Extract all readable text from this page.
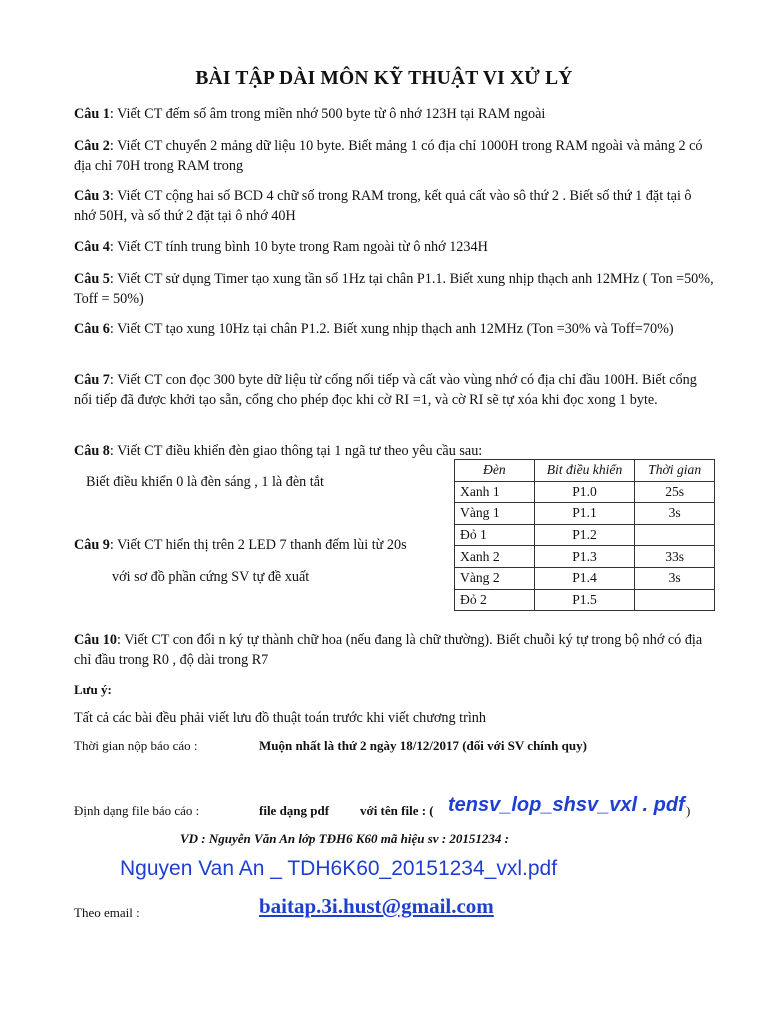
BÀI TẬP DÀI MÔN KỸ THUẬT VI XỬ LÝ
Câu 1: Viết CT đếm số âm trong miền nhớ 500 byte từ ô nhớ 123H tại RAM ngoài
Câu 2: Viết CT chuyển 2 mảng dữ liệu 10 byte. Biết mảng 1 có địa chỉ 1000H trong RAM ngoài và mảng 2 có địa chỉ 70H trong RAM trong
Câu 3: Viết CT cộng hai số BCD 4 chữ số trong RAM trong, kết quả cất vào sô thứ 2 . Biết số thứ 1 đặt tại ô nhớ 50H, và số thứ 2 đặt tại ô nhớ 40H
Câu 4: Viết CT tính trung bình 10 byte trong Ram ngoài từ ô nhớ 1234H
Câu 5: Viết CT sử dụng Timer tạo xung tần số 1Hz tại chân P1.1. Biết xung nhịp thạch anh 12MHz ( Ton =50%, Toff = 50%)
Câu 6: Viết CT tạo xung 10Hz tại chân P1.2. Biết xung nhịp thạch anh 12MHz (Ton =30% và Toff=70%)
Câu 7: Viết CT con đọc 300 byte dữ liệu từ cổng nối tiếp và cất vào vùng nhớ có địa chỉ đầu 100H. Biết cổng nối tiếp đã được khởi tạo sẵn, cổng cho phép đọc khi cờ RI =1, và cờ RI sẽ tự xóa khi đọc xong 1 byte.
Câu 8: Viết CT điều khiển đèn giao thông tại 1 ngã tư theo yêu cầu sau:
Biết điều khiển 0 là đèn sáng , 1 là đèn tắt
Câu 9: Viết CT hiển thị trên 2 LED 7 thanh đếm lùi từ 20s
với sơ đồ phần cứng SV tự đề xuất
Đèn	Bit điều khiển	Thời gian
Xanh 1	P1.0	25s
Vàng 1	P1.1	3s
Đỏ 1	P1.2	
Xanh 2	P1.3	33s
Vàng 2	P1.4	3s
Đỏ 2	P1.5	
Câu 10: Viết CT con đổi n ký tự thành chữ hoa (nếu đang là chữ thường). Biết chuỗi ký tự trong bộ nhớ có địa chỉ đầu trong R0 , độ dài trong R7
Lưu ý:
Tất cả các bài đều phải viết lưu đồ thuật toán trước khi viết chương trình
Thời gian nộp báo cáo :	Muộn nhất là thứ 2 ngày 18/12/2017 (đối với SV chính quy)
Định dạng file báo cáo :	file dạng pdf với tên file : ( tensv_lop_shsv_vxl . pdf )
VD : Nguyễn Văn An lớp TĐH6 K60 mã hiệu sv : 20151234 :
Nguyen Van An _ TDH6K60_20151234_vxl.pdf
Theo email :	baitap.3i.hust@gmail.com
